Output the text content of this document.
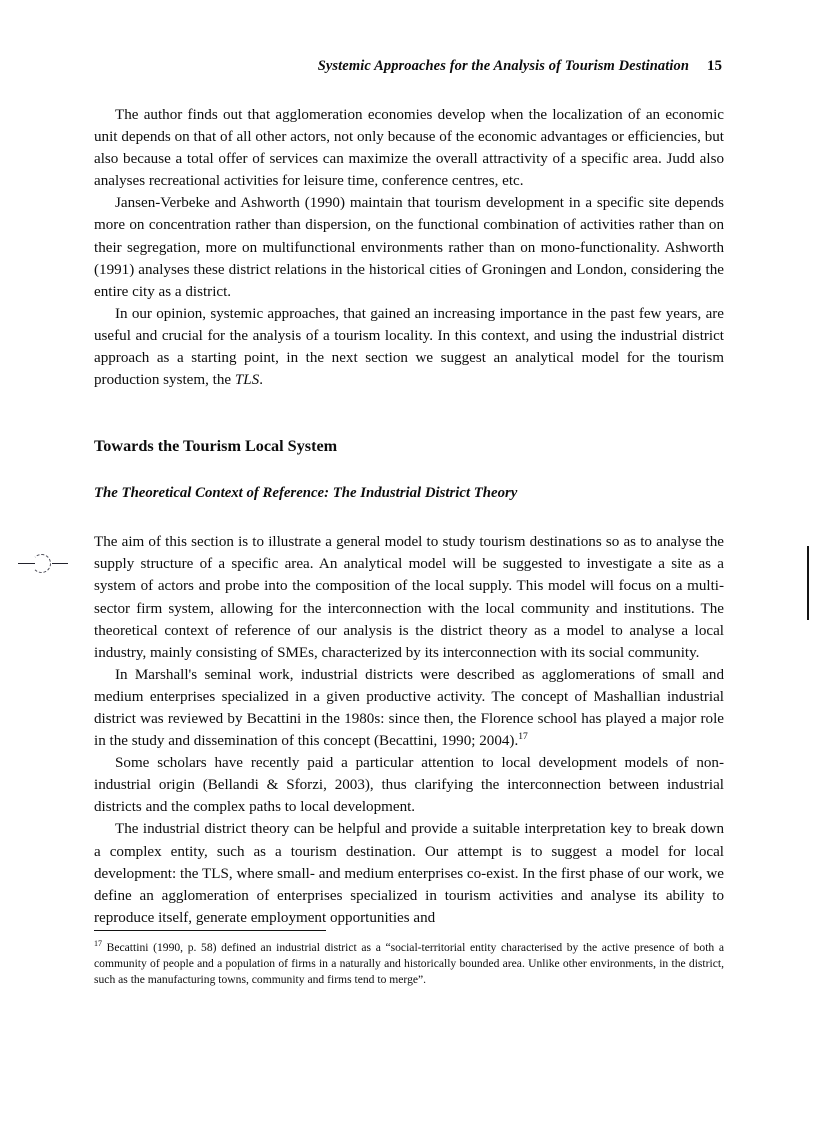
Systemic Approaches for the Analysis of Tourism Destination 15

The author finds out that agglomeration economies develop when the localization of an economic unit depends on that of all other actors, not only because of the economic advantages or efficiencies, but also because a total offer of services can maximize the overall attractivity of a specific area. Judd also analyses recreational activities for leisure time, conference centres, etc.

Jansen-Verbeke and Ashworth (1990) maintain that tourism development in a specific site depends more on concentration rather than dispersion, on the functional combination of activities rather than on their segregation, more on multifunctional environments rather than on mono-functionality. Ashworth (1991) analyses these district relations in the historical cities of Groningen and London, considering the entire city as a district.

In our opinion, systemic approaches, that gained an increasing importance in the past few years, are useful and crucial for the analysis of a tourism locality. In this context, and using the industrial district approach as a starting point, in the next section we suggest an analytical model for the tourism production system, the TLS.

Towards the Tourism Local System
The Theoretical Context of Reference: The Industrial District Theory

The aim of this section is to illustrate a general model to study tourism destinations so as to analyse the supply structure of a specific area. An analytical model will be suggested to investigate a site as a system of actors and probe into the composition of the local supply. This model will focus on a multi-sector firm system, allowing for the interconnection with the local community and institutions. The theoretical context of reference of our analysis is the district theory as a model to analyse a local industry, mainly consisting of SMEs, characterized by its interconnection with its social community.

In Marshall's seminal work, industrial districts were described as agglomerations of small and medium enterprises specialized in a given productive activity. The concept of Mashallian industrial district was reviewed by Becattini in the 1980s: since then, the Florence school has played a major role in the study and dissemination of this concept (Becattini, 1990; 2004).$^{17}$

Some scholars have recently paid a particular attention to local development models of non-industrial origin (Bellandi & Sforzi, 2003), thus clarifying the interconnection between industrial districts and the complex paths to local development.

The industrial district theory can be helpful and provide a suitable interpretation key to break down a complex entity, such as a tourism destination. Our attempt is to suggest a model for local development: the TLS, where small- and medium enterprises co-exist. In the first phase of our work, we define an agglomeration of enterprises specialized in tourism activities and analyse its ability to reproduce itself, generate employment opportunities and

$^{17}$ Becattini (1990, p. 58) defined an industrial district as a “social-territorial entity characterised by the active presence of both a community of people and a population of firms in a naturally and historically bounded area. Unlike other environments, in the district, such as the manufacturing towns, community and firms tend to merge”.
